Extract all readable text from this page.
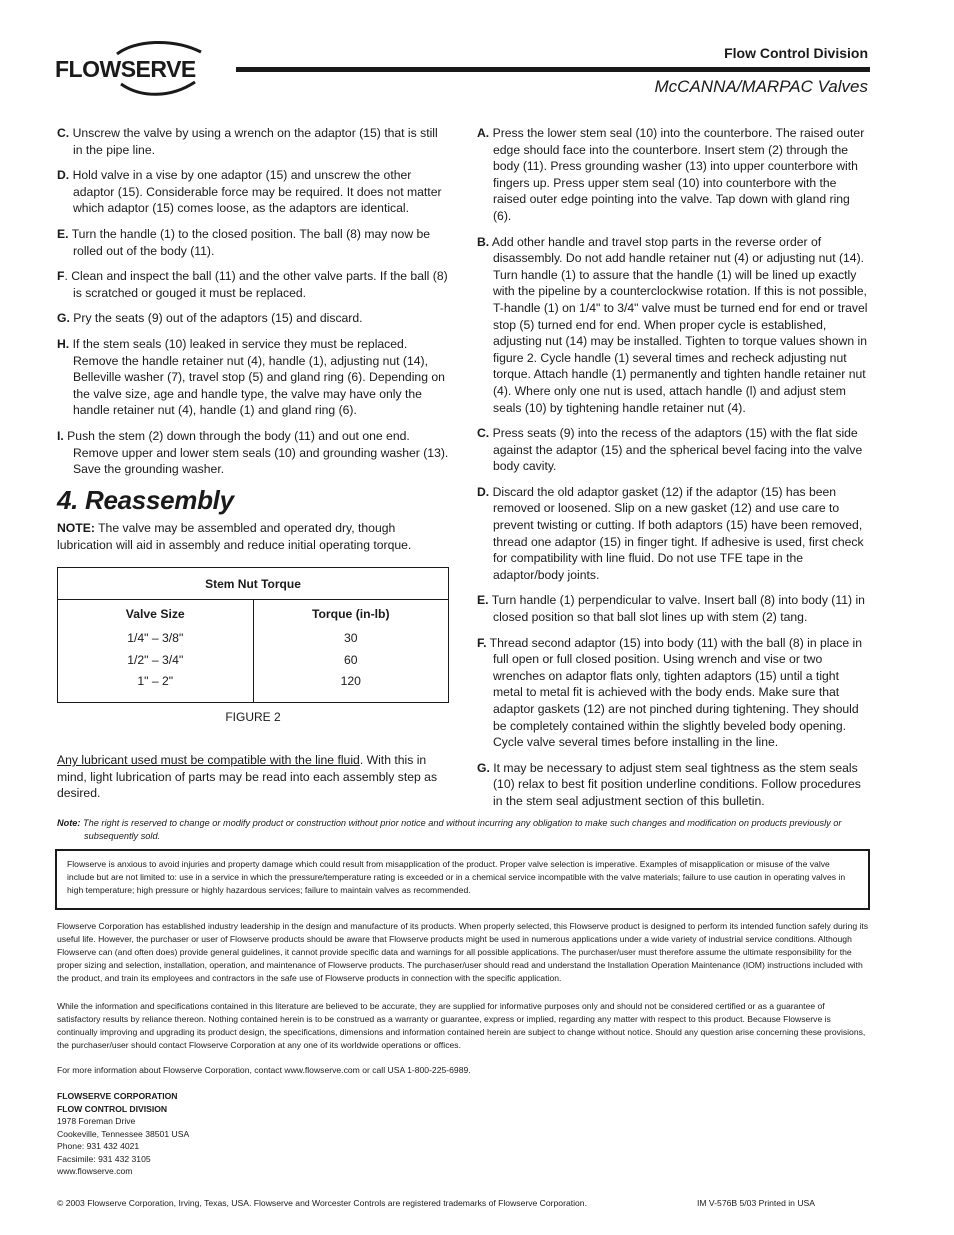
FLOWSERVE
Flow Control Division
McCANNA/MARPAC Valves

C. Unscrew the valve by using a wrench on the adaptor (15) that is still in the pipe line.

D. Hold valve in a vise by one adaptor (15) and unscrew the other adaptor (15). Considerable force may be required. It does not matter which adaptor (15) comes loose, as the adaptors are identical.

E. Turn the handle (1) to the closed position. The ball (8) may now be rolled out of the body (11).

F. Clean and inspect the ball (11) and the other valve parts. If the ball (8) is scratched or gouged it must be replaced.

G. Pry the seats (9) out of the adaptors (15) and discard.

H. If the stem seals (10) leaked in service they must be replaced. Remove the handle retainer nut (4), handle (1), adjusting nut (14), Belleville washer (7), travel stop (5) and gland ring (6). Depending on the valve size, age and handle type, the valve may have only the handle retainer nut (4), handle (1) and gland ring (6).

I. Push the stem (2) down through the body (11) and out one end. Remove upper and lower stem seals (10) and grounding washer (13). Save the grounding washer.

4. Reassembly

NOTE: The valve may be assembled and operated dry, though lubrication will aid in assembly and reduce initial operating torque.

Stem Nut Torque
Valve Size
1/4" – 3/8"
1/2" – 3/4"
1" – 2"
Torque (in-lb)
30
60
120
FIGURE 2

Any lubricant used must be compatible with the line fluid. With this in mind, light lubrication of parts may be read into each assembly step as desired.

A. Press the lower stem seal (10) into the counterbore. The raised outer edge should face into the counterbore. Insert stem (2) through the body (11). Press grounding washer (13) into upper counterbore with fingers up. Press upper stem seal (10) into counterbore with the raised outer edge pointing into the valve. Tap down with gland ring (6).

B. Add other handle and travel stop parts in the reverse order of disassembly. Do not add handle retainer nut (4) or adjusting nut (14). Turn handle (1) to assure that the handle (1) will be lined up exactly with the pipeline by a counterclockwise rotation. If this is not possible, T-handle (1) on 1/4" to 3/4" valve must be turned end for end or travel stop (5) turned end for end. When proper cycle is established, adjusting nut (14) may be installed. Tighten to torque values shown in figure 2. Cycle handle (1) several times and recheck adjusting nut torque. Attach handle (1) permanently and tighten handle retainer nut (4). Where only one nut is used, attach handle (l) and adjust stem seals (10) by tightening handle retainer nut (4).

C. Press seats (9) into the recess of the adaptors (15) with the flat side against the adaptor (15) and the spherical bevel facing into the valve body cavity.

D. Discard the old adaptor gasket (12) if the adaptor (15) has been removed or loosened. Slip on a new gasket (12) and use care to prevent twisting or cutting. If both adaptors (15) have been removed, thread one adaptor (15) in finger tight. If adhesive is used, first check for compatibility with line fluid. Do not use TFE tape in the adaptor/body joints.

E. Turn handle (1) perpendicular to valve. Insert ball (8) into body (11) in closed position so that ball slot lines up with stem (2) tang.

F. Thread second adaptor (15) into body (11) with the ball (8) in place in full open or full closed position. Using wrench and vise or two wrenches on adaptor flats only, tighten adaptors (15) until a tight metal to metal fit is achieved with the body ends. Make sure that adaptor gaskets (12) are not pinched during tightening. They should be completely contained within the slightly beveled body opening. Cycle valve several times before installing in the line.

G. It may be necessary to adjust stem seal tightness as the stem seals (10) relax to best fit position underline conditions. Follow procedures in the stem seal adjustment section of this bulletin.

Note: The right is reserved to change or modify product or construction without prior notice and without incurring any obligation to make such changes and modification on products previously or subsequently sold.

Flowserve is anxious to avoid injuries and property damage which could result from misapplication of the product. Proper valve selection is imperative. Examples of misapplication or misuse of the valve include but are not limited to: use in a service in which the pressure/temperature rating is exceeded or in a chemical service incompatible with the valve materials; failure to use caution in operating valves in high temperature; high pressure or highly hazardous services; failure to maintain valves as recommended.

Flowserve Corporation has established industry leadership in the design and manufacture of its products. When properly selected, this Flowserve product is designed to perform its intended function safely during its useful life. However, the purchaser or user of Flowserve products should be aware that Flowserve products might be used in numerous applications under a wide variety of industrial service conditions. Although Flowserve can (and often does) provide general guidelines, it cannot provide specific data and warnings for all possible applications. The purchaser/user must therefore assume the ultimate responsibility for the proper sizing and selection, installation, operation, and maintenance of Flowserve products. The purchaser/user should read and understand the Installation Operation Maintenance (IOM) instructions included with the product, and train its employees and contractors in the safe use of Flowserve products in connection with the specific application.

While the information and specifications contained in this literature are believed to be accurate, they are supplied for informative purposes only and should not be considered certified or as a guarantee of satisfactory results by reliance thereon. Nothing contained herein is to be construed as a warranty or guarantee, express or implied, regarding any matter with respect to this product. Because Flowserve is continually improving and upgrading its product design, the specifications, dimensions and information contained herein are subject to change without notice. Should any question arise concerning these provisions, the purchaser/user should contact Flowserve Corporation at any one of its worldwide operations or offices.

For more information about Flowserve Corporation, contact www.flowserve.com or call USA 1-800-225-6989.

FLOWSERVE CORPORATION
FLOW CONTROL DIVISION
1978 Foreman Drive
Cookeville, Tennessee 38501 USA
Phone: 931 432 4021
Facsimile: 931 432 3105
www.flowserve.com
© 2003 Flowserve Corporation, Irving, Texas, USA. Flowserve and Worcester Controls are registered trademarks of Flowserve Corporation.	IM V-576B 5/03 Printed in USA
